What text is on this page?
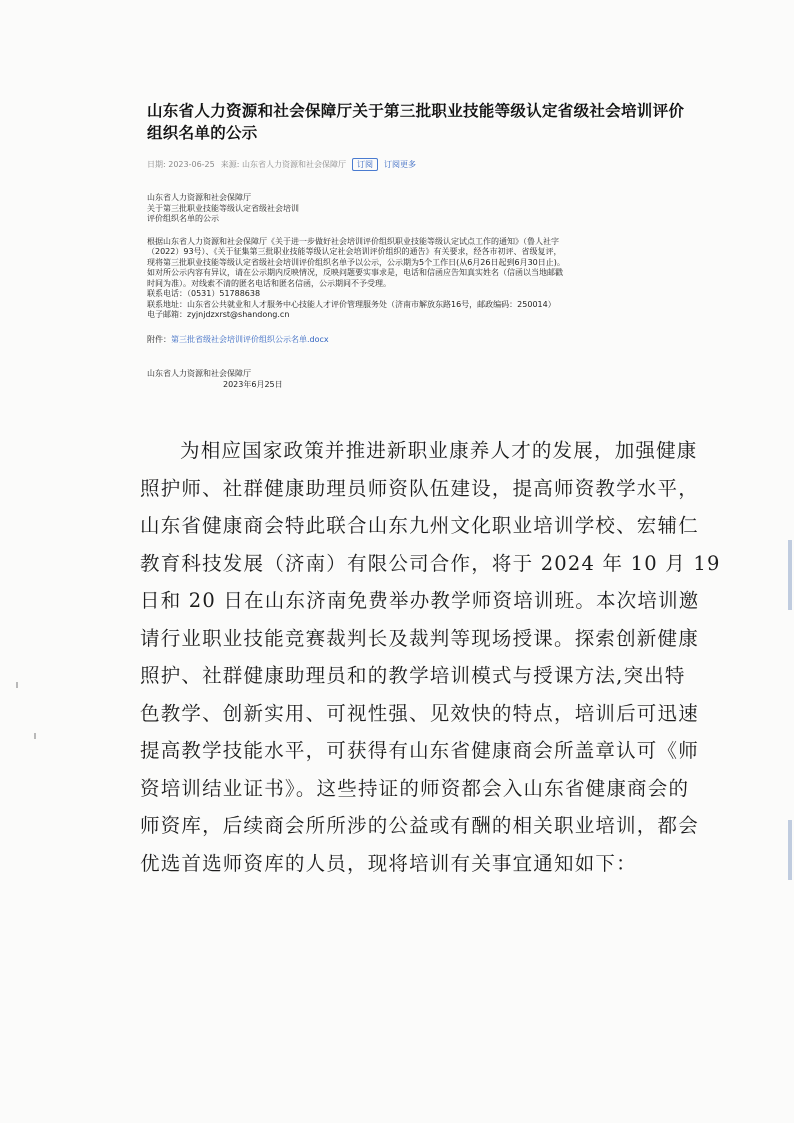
山东省人力资源和社会保障厅关于第三批职业技能等级认定省级社会培训评价组织名单的公示
日期: 2023-06-25 来源: 山东省人力资源和社会保障厅	订阅	订阅更多
山东省人力资源和社会保障厅
关于第三批职业技能等级认定省级社会培训
评价组织名单的公示

根据山东省人力资源和社会保障厅《关于进一步做好社会培训评价组织职业技能等级认定试点工作的通知》（鲁人社字

（2022）93号）、《关于征集第三批职业技能等级认定社会培训评价组织的通告》有关要求，经各市初评、省级复评，

现将第三批职业技能等级认定省级社会培训评价组织名单予以公示，公示期为5个工作日(从6月26日起到6月30日止)。

如对所公示内容有异议，请在公示期内反映情况，反映问题要实事求是，电话和信函应告知真实姓名（信函以当地邮戳

时间为准）。对线索不清的匿名电话和匿名信函，公示期间不予受理。

联系电话：（0531）51788638

联系地址：山东省公共就业和人才服务中心技能人才评价管理服务处（济南市解放东路16号，邮政编码：250014）

电子邮箱：zyjnjdzxrst@shandong.cn

附件：第三批省级社会培训评价组织公示名单.docx
山东省人力资源和社会保障厅
2023年6月25日
为相应国家政策并推进新职业康养人才的发展，加强健康
照护师、社群健康助理员师资队伍建设，提高师资教学水平，
山东省健康商会特此联合山东九州文化职业培训学校、宏辅仁
教育科技发展（济南）有限公司合作，将于 2024 年 10 月 19
日和 20 日在山东济南免费举办教学师资培训班。本次培训邀
请行业职业技能竞赛裁判长及裁判等现场授课。探索创新健康
照护、社群健康助理员和的教学培训模式与授课方法,突出特
色教学、创新实用、可视性强、见效快的特点，培训后可迅速
提高教学技能水平，可获得有山东省健康商会所盖章认可《师
资培训结业证书》。这些持证的师资都会入山东省健康商会的
师资库，后续商会所所涉的公益或有酬的相关职业培训，都会
优选首选师资库的人员，现将培训有关事宜通知如下：
